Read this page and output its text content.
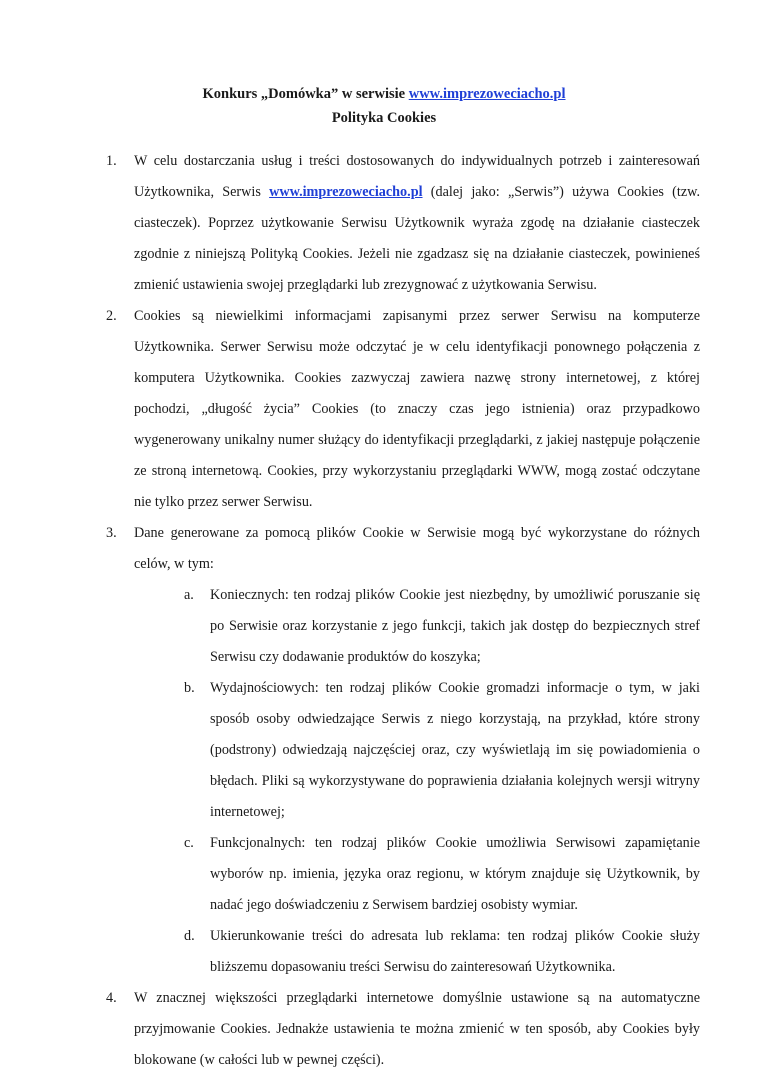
Konkurs „Domówka” w serwisie www.imprezoweciacho.pl
Polityka Cookies
1. W celu dostarczania usług i treści dostosowanych do indywidualnych potrzeb i zainteresowań Użytkownika, Serwis www.imprezoweciacho.pl (dalej jako: „Serwis”) używa Cookies (tzw. ciasteczek). Poprzez użytkowanie Serwisu Użytkownik wyraża zgodę na działanie ciasteczek zgodnie z niniejszą Polityką Cookies. Jeżeli nie zgadzasz się na działanie ciasteczek, powinieneś zmienić ustawienia swojej przeglądarki lub zrezygnować z użytkowania Serwisu.
2. Cookies są niewielkimi informacjami zapisanymi przez serwer Serwisu na komputerze Użytkownika. Serwer Serwisu może odczytać je w celu identyfikacji ponownego połączenia z komputera Użytkownika. Cookies zazwyczaj zawiera nazwę strony internetowej, z której pochodzi, „długość życia” Cookies (to znaczy czas jego istnienia) oraz przypadkowo wygenerowany unikalny numer służący do identyfikacji przeglądarki, z jakiej następuje połączenie ze stroną internetową. Cookies, przy wykorzystaniu przeglądarki WWW, mogą zostać odczytane nie tylko przez serwer Serwisu.
3. Dane generowane za pomocą plików Cookie w Serwisie mogą być wykorzystane do różnych celów, w tym:
a. Koniecznych: ten rodzaj plików Cookie jest niezbędny, by umożliwić poruszanie się po Serwisie oraz korzystanie z jego funkcji, takich jak dostęp do bezpiecznych stref Serwisu czy dodawanie produktów do koszyka;
b. Wydajnościowych: ten rodzaj plików Cookie gromadzi informacje o tym, w jaki sposób osoby odwiedzające Serwis z niego korzystają, na przykład, które strony (podstrony) odwiedzają najczęściej oraz, czy wyświetlają im się powiadomienia o błędach. Pliki są wykorzystywane do poprawienia działania kolejnych wersji witryny internetowej;
c. Funkcjonalnych: ten rodzaj plików Cookie umożliwia Serwisowi zapamiętanie wyborów np. imienia, języka oraz regionu, w którym znajduje się Użytkownik, by nadać jego doświadczeniu z Serwisem bardziej osobisty wymiar.
d. Ukierunkowanie treści do adresata lub reklama: ten rodzaj plików Cookie służy bliższemu dopasowaniu treści Serwisu do zainteresowań Użytkownika.
4. W znacznej większości przeglądarki internetowe domyślnie ustawione są na automatyczne przyjmowanie Cookies. Jednakże ustawienia te można zmienić w ten sposób, aby Cookies były blokowane (w całości lub w pewnej części).
